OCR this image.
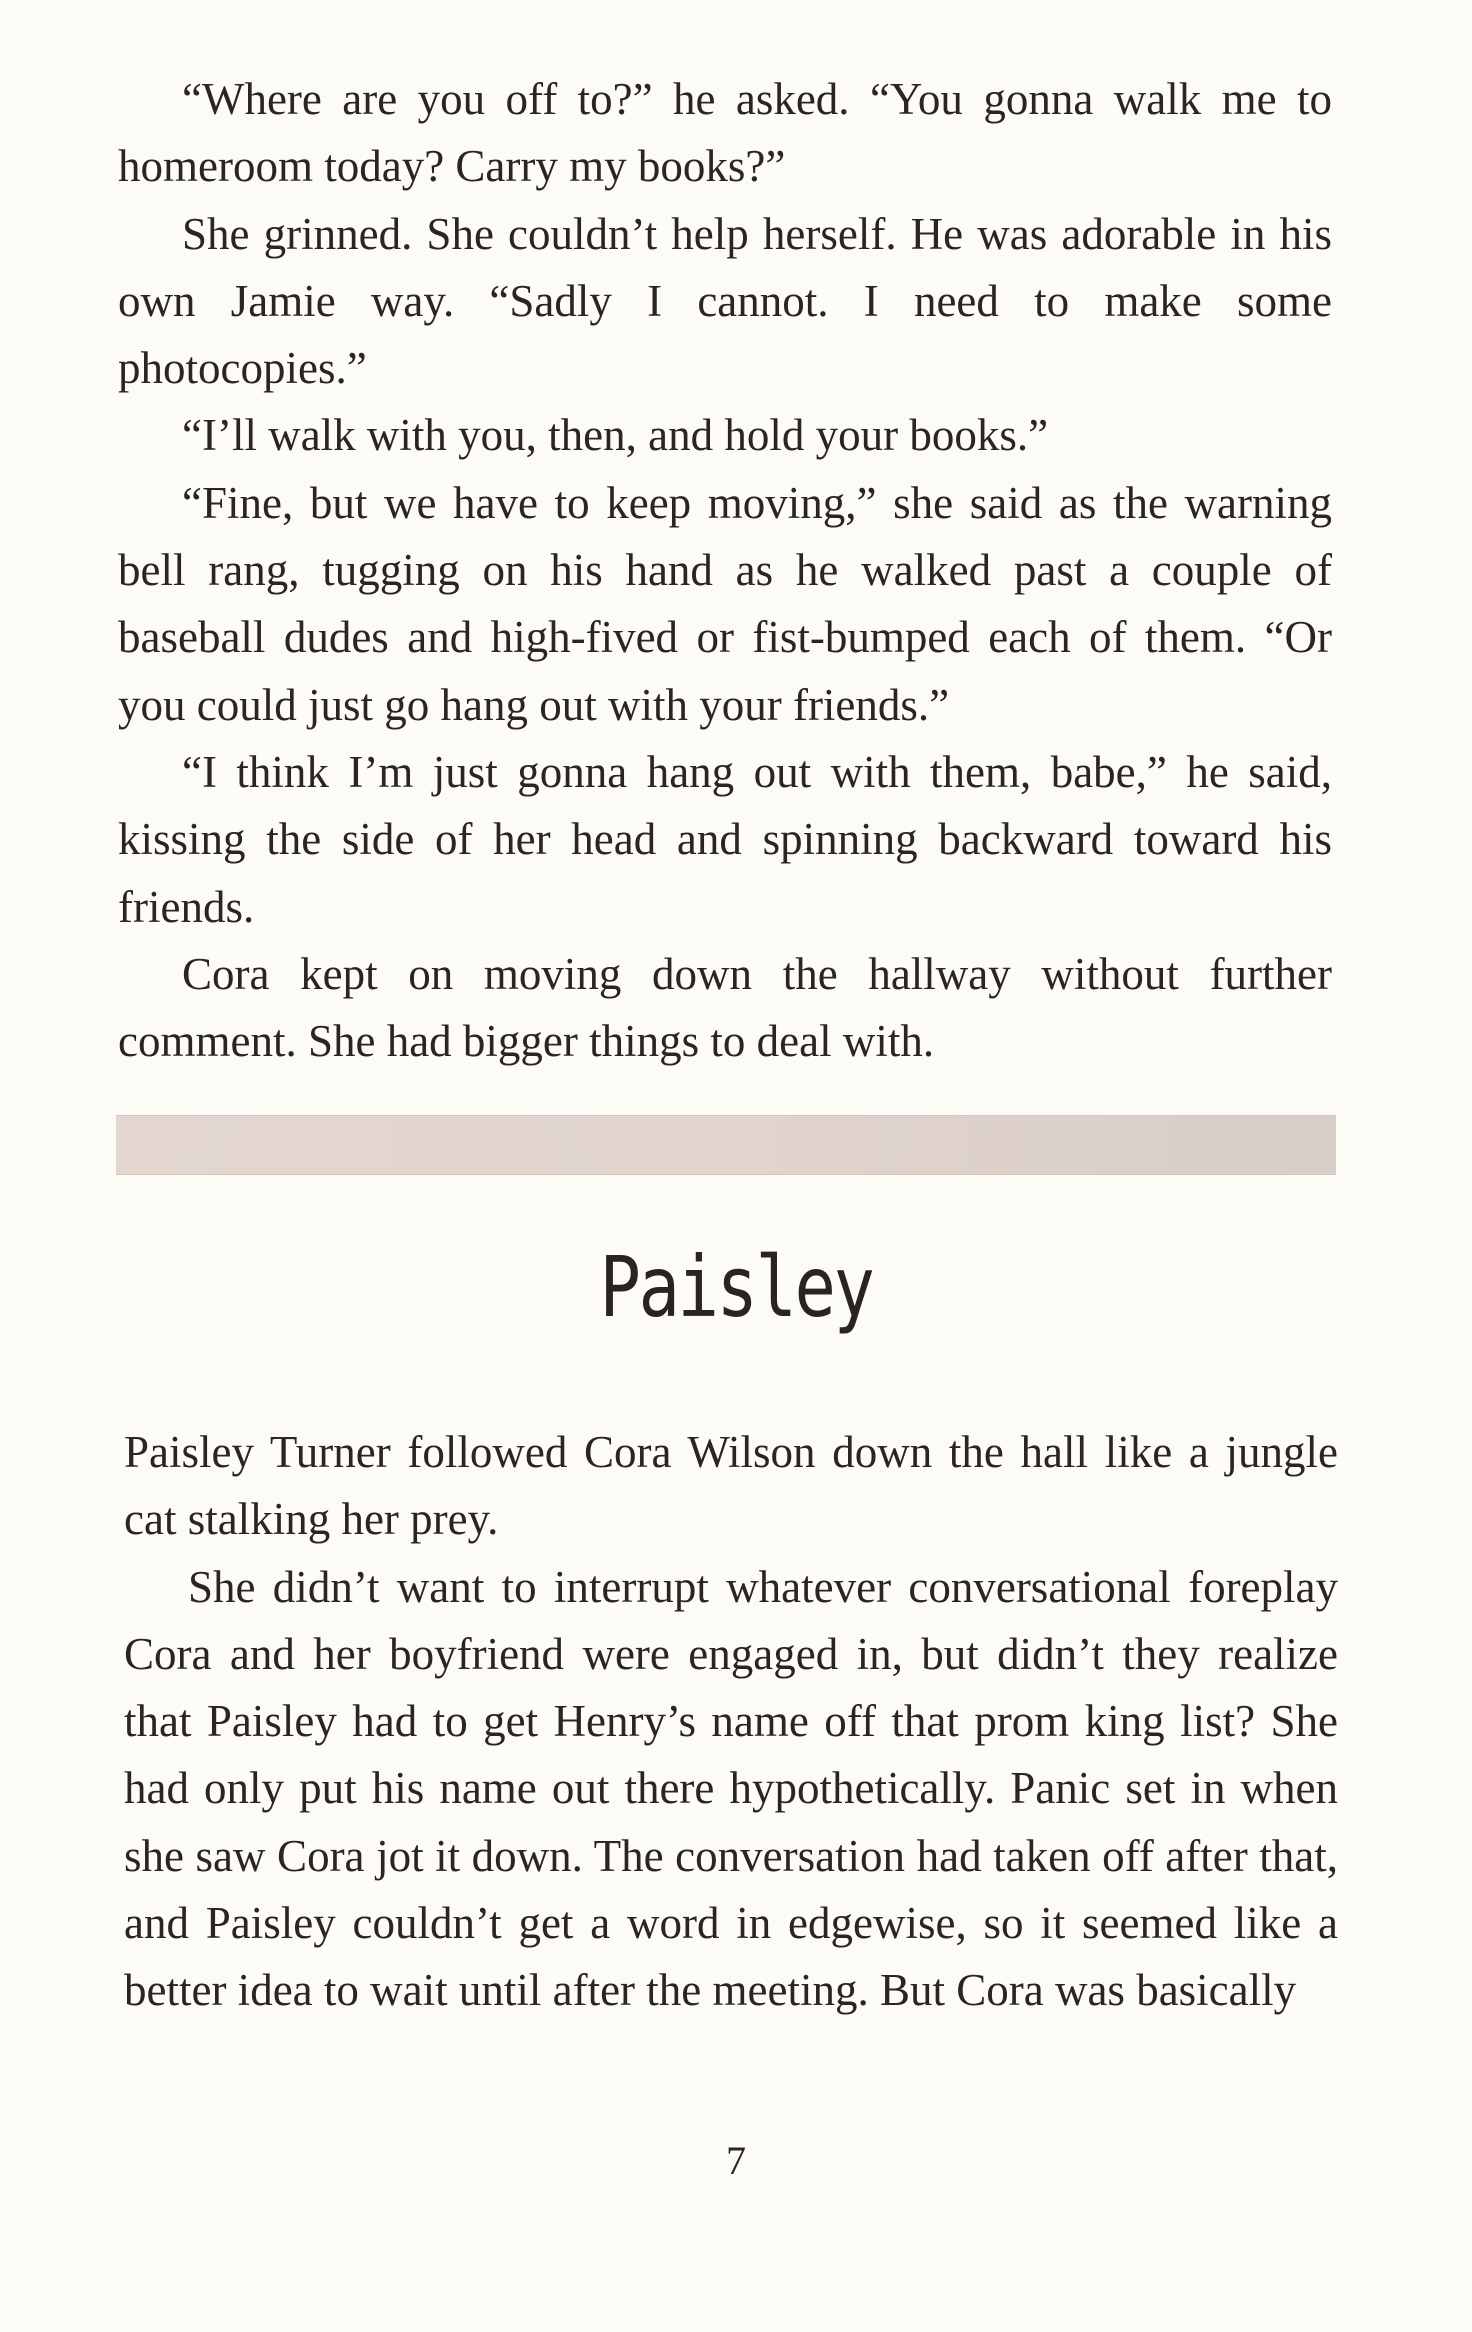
“Where are you off to?” he asked. “You gonna walk me to homeroom today? Carry my books?”

She grinned. She couldn’t help herself. He was adorable in his own Jamie way. “Sadly I cannot. I need to make some photocopies.”

“I’ll walk with you, then, and hold your books.”

“Fine, but we have to keep moving,” she said as the warning bell rang, tugging on his hand as he walked past a couple of baseball dudes and high-fived or fist-bumped each of them. “Or you could just go hang out with your friends.”

“I think I’m just gonna hang out with them, babe,” he said, kissing the side of her head and spinning backward toward his friends.

Cora kept on moving down the hallway without further comment. She had bigger things to deal with.

Paisley

Paisley Turner followed Cora Wilson down the hall like a jungle cat stalking her prey.

She didn’t want to interrupt whatever conversational foreplay Cora and her boyfriend were engaged in, but didn’t they realize that Paisley had to get Henry’s name off that prom king list? She had only put his name out there hypothetically. Panic set in when she saw Cora jot it down. The conversation had taken off after that, and Paisley couldn’t get a word in edgewise, so it seemed like a better idea to wait until after the meeting. But Cora was basically

7
